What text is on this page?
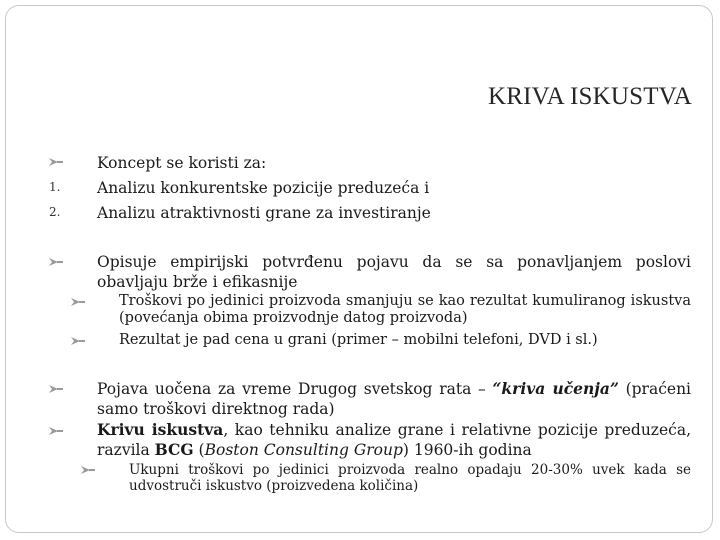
KRIVA ISKUSTVA
Koncept se koristi za:
1. Analizu konkurentske pozicije preduzeća i
2. Analizu atraktivnosti grane za investiranje
Opisuje empirijski potvrđenu pojavu da se sa ponavljanjem poslovi obavljaju brže i efikasnije
Troškovi po jedinici proizvoda smanjuju se kao rezultat kumuliranog iskustva (povećanja obima proizvodnje datog proizvoda)
Rezultat je pad cena u grani (primer – mobilni telefoni, DVD i sl.)
Pojava uočena za vreme Drugog svetskog rata – “kriva učenja” (praćeni samo troškovi direktnog rada)
Krivu iskustva, kao tehniku analize grane i relativne pozicije preduzeća, razvila BCG (Boston Consulting Group) 1960-ih godina
Ukupni troškovi po jedinici proizvoda realno opadaju 20-30% uvek kada se udvostruči iskustvo (proizvedena količina)
